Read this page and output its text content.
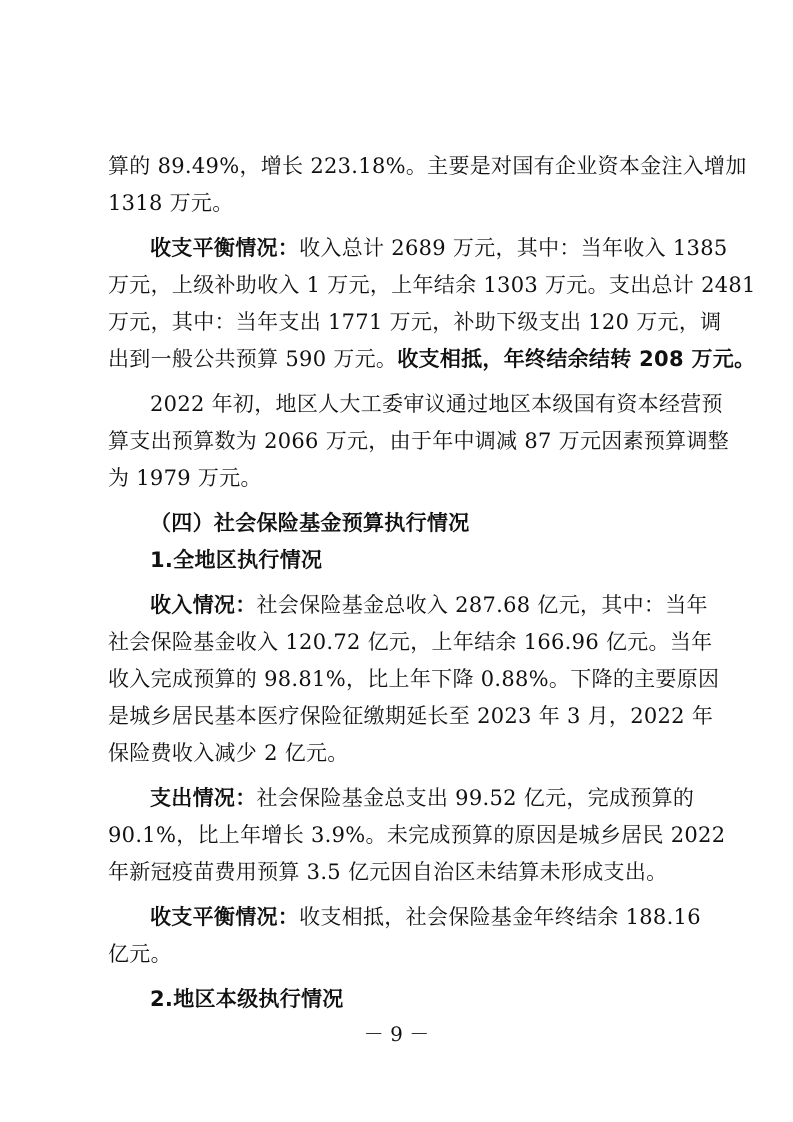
算的 89.49%，增长 223.18%。主要是对国有企业资本金注入增加
1318 万元。
收支平衡情况：收入总计 2689 万元，其中：当年收入 1385
万元，上级补助收入 1 万元，上年结余 1303 万元。支出总计 2481
万元，其中：当年支出 1771 万元，补助下级支出 120 万元，调
出到一般公共预算 590 万元。收支相抵，年终结余结转 208 万元。
2022 年初，地区人大工委审议通过地区本级国有资本经营预
算支出预算数为 2066 万元，由于年中调减 87 万元因素预算调整
为 1979 万元。
（四）社会保险基金预算执行情况
1.全地区执行情况
收入情况：社会保险基金总收入 287.68 亿元，其中：当年
社会保险基金收入 120.72 亿元，上年结余 166.96 亿元。当年
收入完成预算的 98.81%，比上年下降 0.88%。下降的主要原因
是城乡居民基本医疗保险征缴期延长至 2023 年 3 月，2022 年
保险费收入减少 2 亿元。
支出情况：社会保险基金总支出 99.52 亿元，完成预算的
90.1%，比上年增长 3.9%。未完成预算的原因是城乡居民 2022
年新冠疫苗费用预算 3.5 亿元因自治区未结算未形成支出。
收支平衡情况：收支相抵，社会保险基金年终结余 188.16
亿元。
2.地区本级执行情况
－ 9 －
